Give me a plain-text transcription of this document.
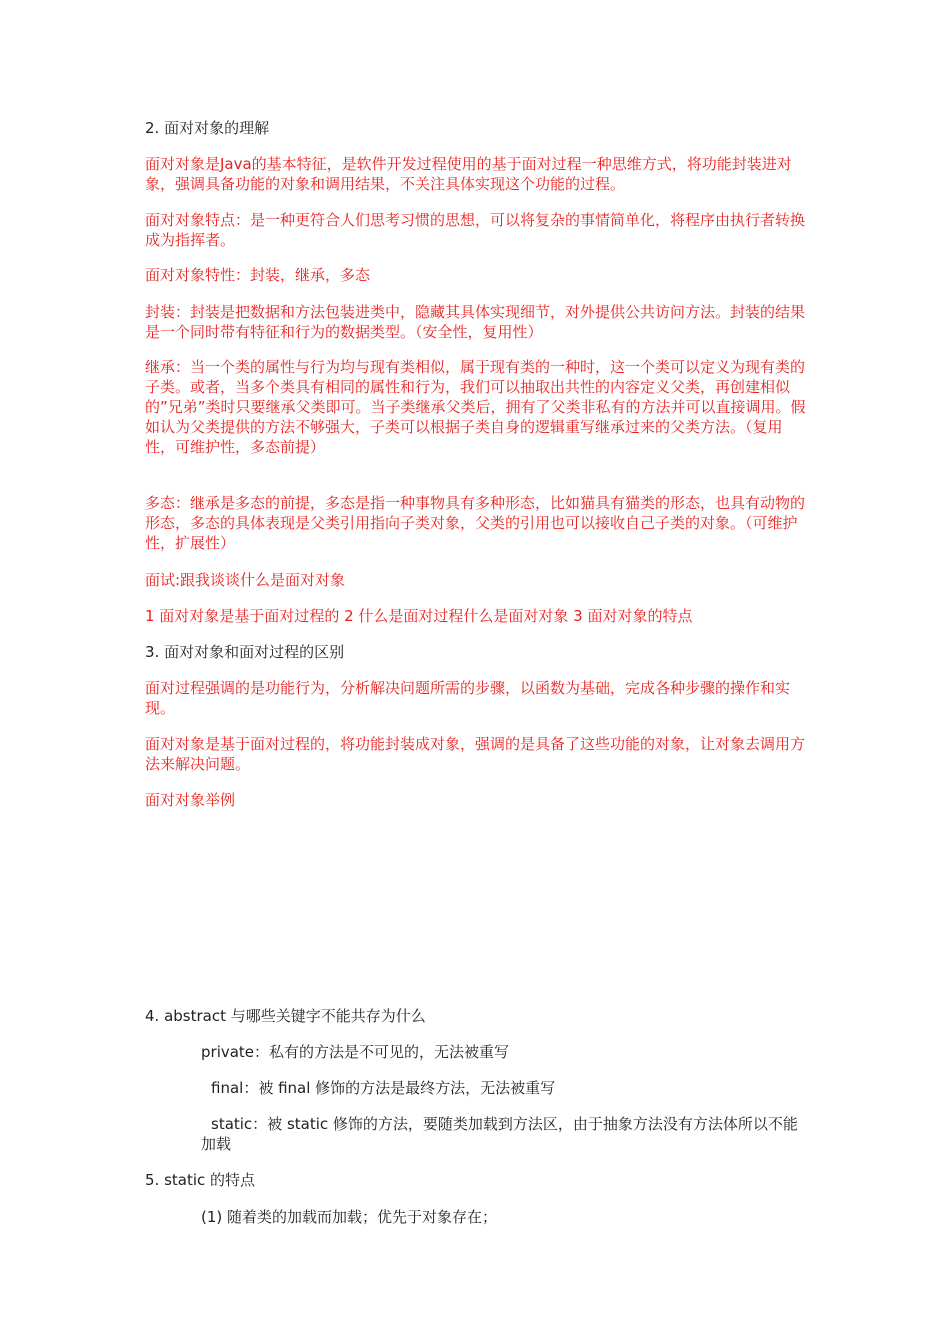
2. 面对对象的理解

面对对象是Java的基本特征，是软件开发过程使用的基于面对过程一种思维方式，将功能封装进对象，强调具备功能的对象和调用结果，不关注具体实现这个功能的过程。

面对对象特点：是一种更符合人们思考习惯的思想，可以将复杂的事情简单化，将程序由执行者转换成为指挥者。

面对对象特性：封装，继承，多态

封装：封装是把数据和方法包装进类中，隐藏其具体实现细节，对外提供公共访问方法。封装的结果是一个同时带有特征和行为的数据类型。（安全性，复用性）

继承：当一个类的属性与行为均与现有类相似，属于现有类的一种时，这一个类可以定义为现有类的子类。或者，当多个类具有相同的属性和行为，我们可以抽取出共性的内容定义父类，再创建相似的”兄弟”类时只要继承父类即可。当子类继承父类后，拥有了父类非私有的方法并可以直接调用。假如认为父类提供的方法不够强大，子类可以根据子类自身的逻辑重写继承过来的父类方法。（复用性，可维护性，多态前提）

多态：继承是多态的前提，多态是指一种事物具有多种形态，比如猫具有猫类的形态，也具有动物的形态，多态的具体表现是父类引用指向子类对象，父类的引用也可以接收自己子类的对象。（可维护性，扩展性）

面试:跟我谈谈什么是面对对象

1 面对对象是基于面对过程的 2 什么是面对过程什么是面对对象 3 面对对象的特点

3. 面对对象和面对过程的区别

面对过程强调的是功能行为，分析解决问题所需的步骤，以函数为基础，完成各种步骤的操作和实现。

面对对象是基于面对过程的，将功能封装成对象，强调的是具备了这些功能的对象，让对象去调用方法来解决问题。

面对对象举例

4. abstract 与哪些关键字不能共存为什么

private：私有的方法是不可见的，无法被重写

final：被 final 修饰的方法是最终方法，无法被重写

static：被 static 修饰的方法，要随类加载到方法区，由于抽象方法没有方法体所以不能加载

5. static 的特点

(1) 随着类的加载而加载；优先于对象存在；
